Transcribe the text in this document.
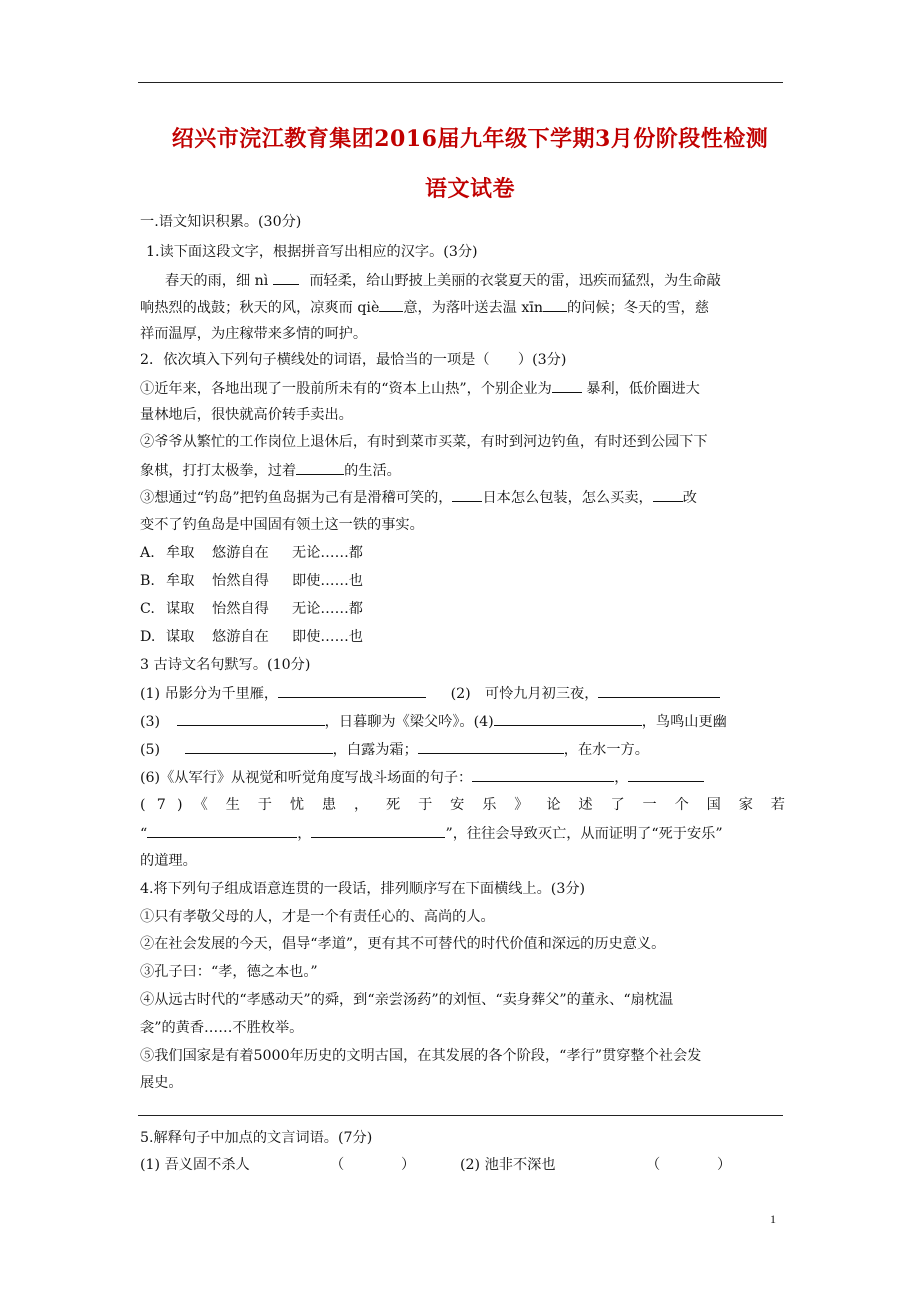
绍兴市浣江教育集团2016届九年级下学期3月份阶段性检测
语文试卷
一.语文知识积累。(30分)
1.读下面这段文字，根据拼音写出相应的汉字。(3分)
春天的雨，细 nì	而轻柔，给山野披上美丽的衣裳夏天的雷，迅疾而猛烈，为生命敲
响热烈的战鼓；秋天的风，凉爽而 qiè 意，为落叶送去温 xīn 的问候；冬天的雪，慈
祥而温厚，为庄稼带来多情的呵护。
2．依次填入下列句子横线处的词语，最恰当的一项是（　　）(3分)
①近年来，各地出现了一股前所未有的“资本上山热”，个别企业为 暴利，低价圈进大
量林地后，很快就高价转手卖出。
②爷爷从繁忙的工作岗位上退休后，有时到菜市买菜，有时到河边钓鱼，有时还到公园下下
象棋，打打太极拳，过着	的生活。
③想通过“钓岛”把钓鱼岛据为己有是滑稽可笑的， 日本怎么包装，怎么买卖， 改
变不了钓鱼岛是中国固有领土这一铁的事实。
A. 牟取 悠游自在 无论……都
B. 牟取 怡然自得 即使……也
C. 谋取 怡然自得 无论……都
D. 谋取 悠游自在 即使……也
3 古诗文名句默写。(10分)
(1) 吊影分为千里雁，	(2)　可怜九月初三夜，
(3)	，日暮聊为《梁父吟》。(4)	，鸟鸣山更幽
(5)	，白露为霜；	，在水一方。
(6)《从军行》从视觉和听觉角度写战斗场面的句子：	，
( 7 ) 《 生 于 忧 患 ， 死 于 安 乐 》 论 述 了 一 个 国 家 若
“	，	”，往往会导致灭亡，从而证明了“死于安乐”
的道理。
4.将下列句子组成语意连贯的一段话，排列顺序写在下面横线上。(3分)
①只有孝敬父母的人，才是一个有责任心的、高尚的人。
②在社会发展的今天，倡导“孝道”，更有其不可替代的时代价值和深远的历史意义。
③孔子曰：“孝，德之本也。”
④从远古时代的“孝感动天”的舜，到“亲尝汤药”的刘恒、“卖身葬父”的董永、“扇枕温
衾”的黄香……不胜枚举。
⑤我们国家是有着5000年历史的文明古国，在其发展的各个阶段，“孝行”贯穿整个社会发
展史。
5.解释句子中加点的文言词语。(7分)
(1) 吾义固不杀人	（　　　　）	(2) 池非不深也	（　　　　）
1
